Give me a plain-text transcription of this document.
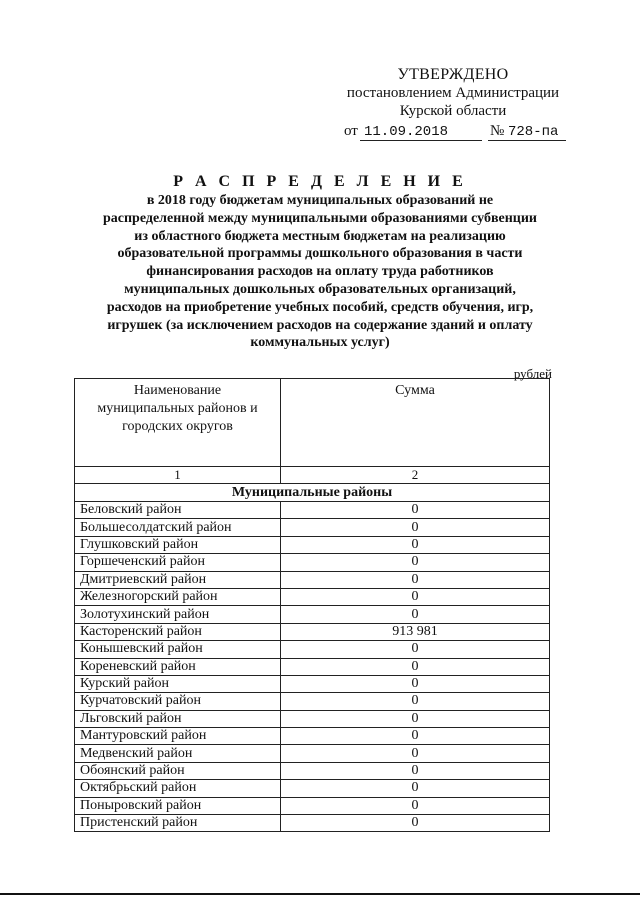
УТВЕРЖДЕНО
постановлением Администрации
Курской области
от 11.09.2018	№ 728-па
Р А С П Р Е Д Е Л Е Н И Е
в 2018 году бюджетам муниципальных образований не
распределенной между муниципальными образованиями субвенции
из областного бюджета местным бюджетам на реализацию
образовательной программы дошкольного образования в части
финансирования расходов на оплату труда работников
муниципальных дошкольных образовательных организаций,
расходов на приобретение учебных пособий, средств обучения, игр,
игрушек (за исключением расходов на содержание зданий и оплату
коммунальных услуг)
рублей
Наименование
муниципальных районов и
городских округов	Сумма

1	2
Муниципальные районы	
Беловский район	0
Большесолдатский район	0
Глушковский район	0
Горшеченский район	0
Дмитриевский район	0
Железногорский район	0
Золотухинский район	0
Касторенский район	913 981
Конышевский район	0
Кореневский район	0
Курский район	0
Курчатовский район	0
Льговский район	0
Мантуровский район	0
Медвенский район	0
Обоянский район	0
Октябрьский район	0
Поныровский район	0
Пристенский район	0
